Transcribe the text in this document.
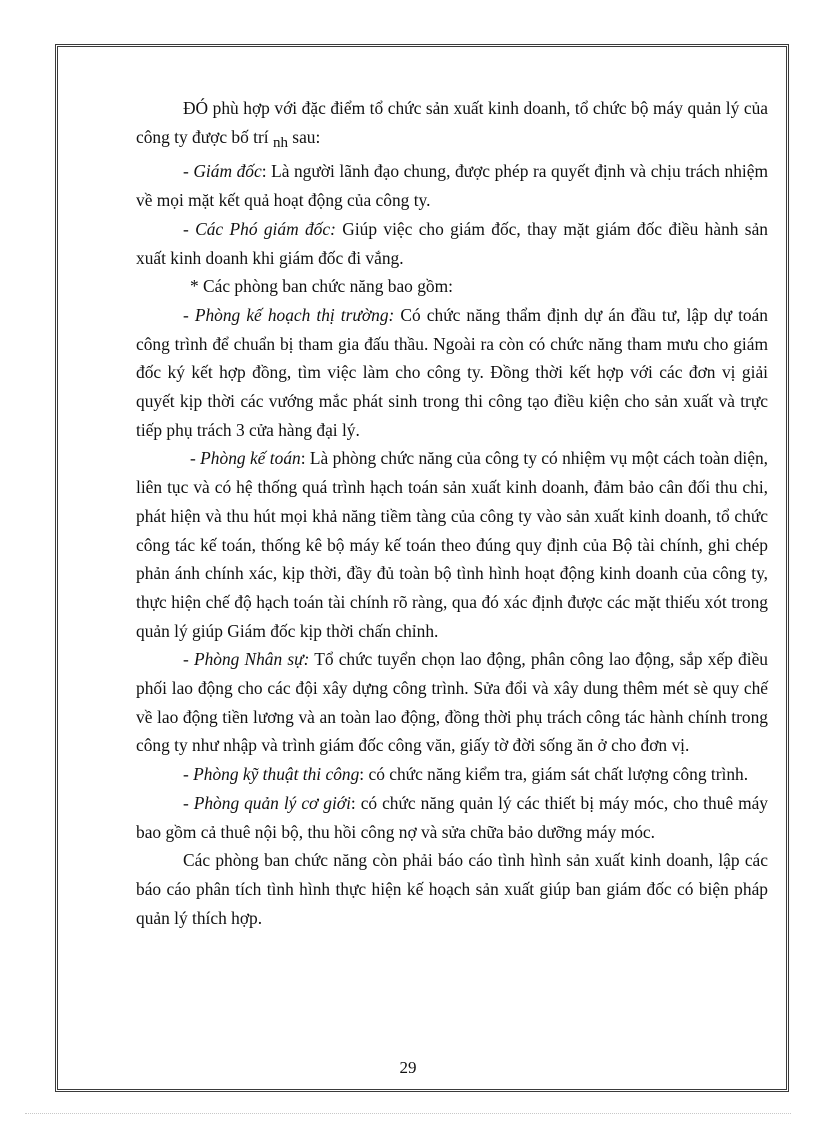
ĐÓ phù hợp với đặc điểm tổ chức sản xuất kinh doanh, tổ chức bộ máy quản lý của công ty được bố trí nh sau:

- Giám đốc: Là người lãnh đạo chung, được phép ra quyết định và chịu trách nhiệm về mọi mặt kết quả hoạt động của công ty.

- Các Phó giám đốc: Giúp việc cho giám đốc, thay mặt giám đốc điều hành sản xuất kinh doanh khi giám đốc đi vắng.

* Các phòng ban chức năng bao gồm:

- Phòng kế hoạch thị trường: Có chức năng thẩm định dự án đầu tư, lập dự toán công trình để chuẩn bị tham gia đấu thầu. Ngoài ra còn có chức năng tham mưu cho giám đốc ký kết hợp đồng, tìm việc làm cho công ty. Đồng thời kết hợp với các đơn vị giải quyết kịp thời các vướng mắc phát sinh trong thi công tạo điều kiện cho sản xuất và trực tiếp phụ trách 3 cửa hàng đại lý.

- Phòng kế toán: Là phòng chức năng của công ty có nhiệm vụ một cách toàn diện, liên tục và có hệ thống quá trình hạch toán sản xuất kinh doanh, đảm bảo cân đối thu chi, phát hiện và thu hút mọi khả năng tiềm tàng của công ty vào sản xuất kinh doanh, tổ chức công tác kế toán, thống kê bộ máy kế toán theo đúng quy định của Bộ tài chính, ghi chép phản ánh chính xác, kịp thời, đầy đủ toàn bộ tình hình hoạt động kinh doanh của công ty, thực hiện chế độ hạch toán tài chính rõ ràng, qua đó xác định được các mặt thiếu xót trong quản lý giúp Giám đốc kịp thời chấn chỉnh.

- Phòng Nhân sự: Tổ chức tuyển chọn lao động, phân công lao động, sắp xếp điều phối lao động cho các đội xây dựng công trình. Sửa đổi và xây dung thêm mét sè quy chế về lao động tiền lương và an toàn lao động, đồng thời phụ trách công tác hành chính trong công ty như nhập và trình giám đốc công văn, giấy tờ đời sống ăn ở cho đơn vị.

- Phòng kỹ thuật thi công: có chức năng kiểm tra, giám sát chất lượng công trình.

- Phòng quản lý cơ giới: có chức năng quản lý các thiết bị máy móc, cho thuê máy bao gồm cả thuê nội bộ, thu hồi công nợ và sửa chữa bảo dưỡng máy móc.

Các phòng ban chức năng còn phải báo cáo tình hình sản xuất kinh doanh, lập các báo cáo phân tích tình hình thực hiện kế hoạch sản xuất giúp ban giám đốc có biện pháp quản lý thích hợp.

29
